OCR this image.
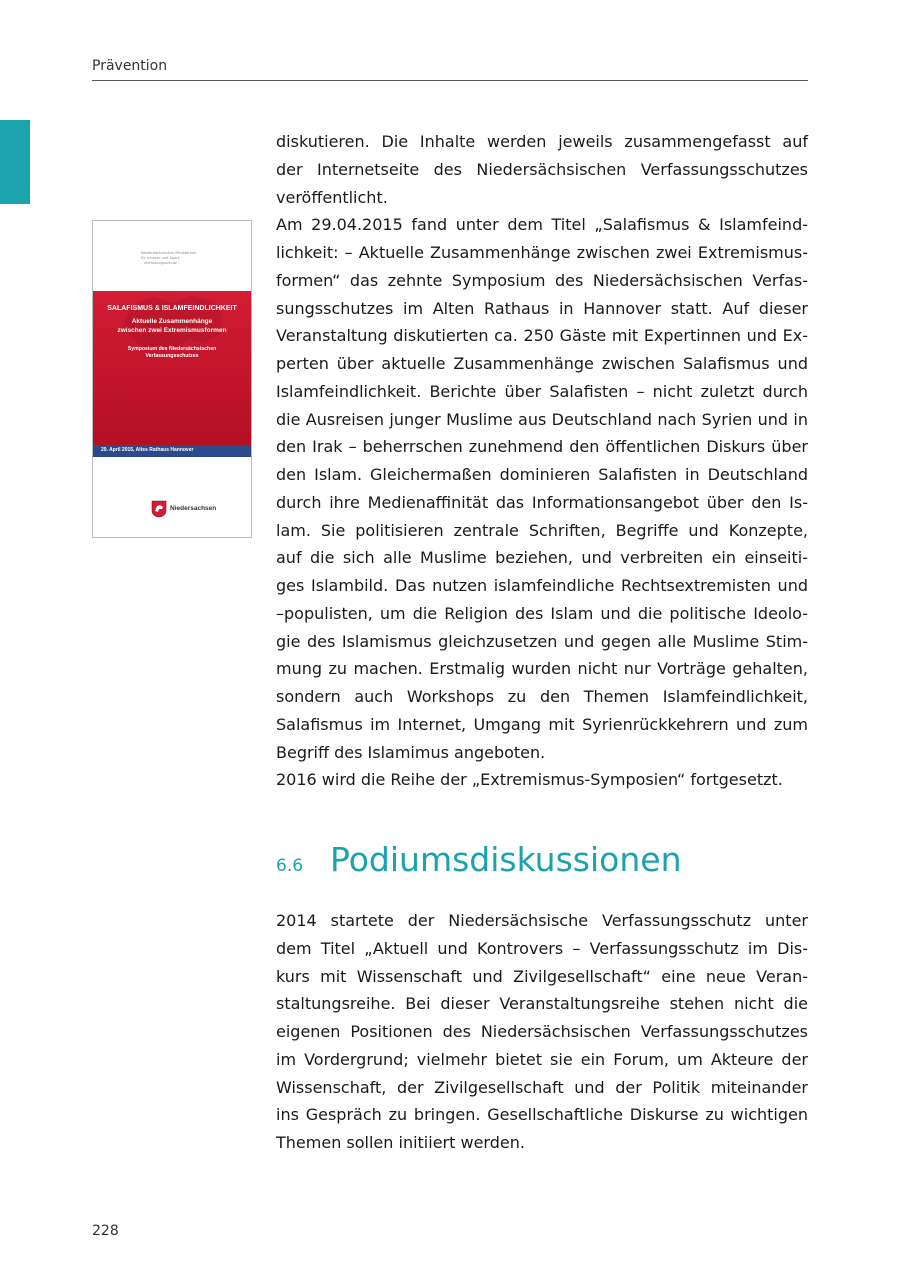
Prävention
Niedersächsisches Ministerium
für Inneres und Sport
- Verfassungsschutz -
SALAFISMUS & ISLAMFEINDLICHKEIT
Aktuelle Zusammenhänge
zwischen zwei Extremismusformen
Symposium des Niedersächsischen
Verfassungsschutzes
29. April 2015, Altes Rathaus Hannover
Niedersachsen

diskutieren. Die Inhalte werden jeweils zusammengefasst auf
der Internetseite des Niedersächsischen Verfassungsschutzes
veröffentlicht.

Am 29.04.2015 fand unter dem Titel „Salafismus & Islamfeind-
lichkeit: – Aktuelle Zusammenhänge zwischen zwei Extremismus-
formen“ das zehnte Symposium des Niedersächsischen Verfas-
sungsschutzes im Alten Rathaus in Hannover statt. Auf dieser
Veranstaltung diskutierten ca. 250 Gäste mit Expertinnen und Ex-
perten über aktuelle Zusammenhänge zwischen Salafismus und
Islamfeindlichkeit. Berichte über Salafisten – nicht zuletzt durch
die Ausreisen junger Muslime aus Deutschland nach Syrien und in
den Irak – beherrschen zunehmend den öffentlichen Diskurs über
den Islam. Gleichermaßen dominieren Salafisten in Deutschland
durch ihre Medienaffinität das Informationsangebot über den Is-
lam. Sie politisieren zentrale Schriften, Begriffe und Konzepte,
auf die sich alle Muslime beziehen, und verbreiten ein einseiti-
ges Islambild. Das nutzen islamfeindliche Rechtsextremisten und
–populisten, um die Religion des Islam und die politische Ideolo-
gie des Islamismus gleichzusetzen und gegen alle Muslime Stim-
mung zu machen. Erstmalig wurden nicht nur Vorträge gehalten,
sondern auch Workshops zu den Themen Islamfeindlichkeit,
Salafismus im Internet, Umgang mit Syrienrückkehrern und zum
Begriff des Islamimus angeboten.

2016 wird die Reihe der „Extremismus-Symposien“ fortgesetzt.

6.6 Podiumsdiskussionen

2014 startete der Niedersächsische Verfassungsschutz unter
dem Titel „Aktuell und Kontrovers – Verfassungsschutz im Dis-
kurs mit Wissenschaft und Zivilgesellschaft“ eine neue Veran-
staltungsreihe. Bei dieser Veranstaltungsreihe stehen nicht die
eigenen Positionen des Niedersächsischen Verfassungsschutzes
im Vordergrund; vielmehr bietet sie ein Forum, um Akteure der
Wissenschaft, der Zivilgesellschaft und der Politik miteinander
ins Gespräch zu bringen. Gesellschaftliche Diskurse zu wichtigen
Themen sollen initiiert werden.

228
